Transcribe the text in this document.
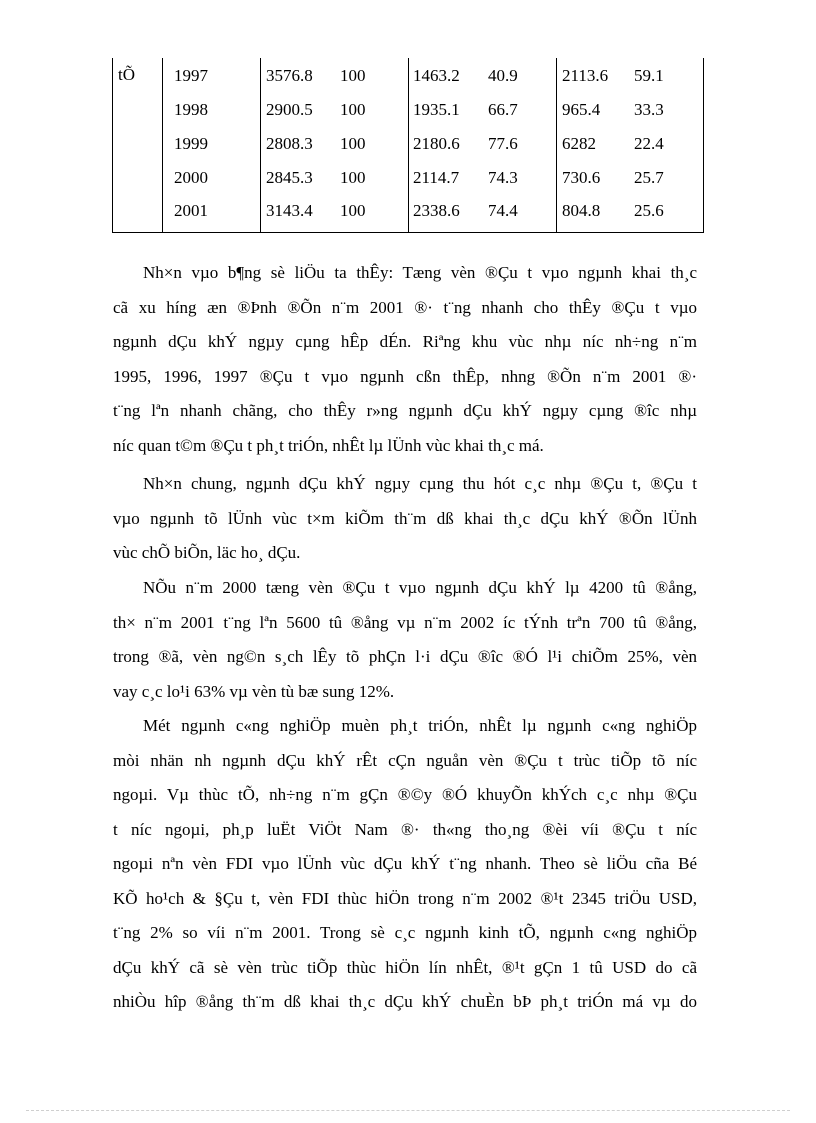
tÕ 1997	3576.8 100	1463.2 40.9	2113.6 59.1
1998	2900.5 100	1935.1 66.7	965.4 33.3
1999	2808.3 100	2180.6 77.6	6282 22.4
2000	2845.3 100	2114.7 74.3	730.6 25.7
2001	3143.4 100	2338.6 74.4	804.8 25.6
Nh×n vµo b¶ng sè liÖu ta thÊy: Tæng vèn ®Çu t vµo ngµnh khai th¸c
cã xu híng æn ®Þnh ®Õn n¨m 2001 ®· t¨ng nhanh cho thÊy ®Çu t vµo
ngµnh dÇu khÝ ngµy cµng hÊp dÉn. Riªng khu vùc nhµ níc nh÷ng n¨m
1995, 1996, 1997 ®Çu t vµo ngµnh cßn thÊp, nhng ®Õn n¨m 2001 ®·
t¨ng lªn nhanh chãng, cho thÊy r»ng ngµnh dÇu khÝ ngµy cµng ®îc nhµ
níc quan t©m ®Çu t ph¸t triÓn, nhÊt lµ lÜnh vùc khai th¸c má.
Nh×n chung, ngµnh dÇu khÝ ngµy cµng thu hót c¸c nhµ ®Çu t, ®Çu t
vµo ngµnh tõ lÜnh vùc t×m kiÕm th¨m dß khai th¸c dÇu khÝ ®Õn lÜnh
vùc chÕ biÕn, läc ho¸ dÇu.
NÕu n¨m 2000 tæng vèn ®Çu t vµo ngµnh dÇu khÝ lµ 4200 tû ®ång,
th× n¨m 2001 t¨ng lªn 5600 tû ®ång vµ n¨m 2002 íc tÝnh trªn 700 tû ®ång,
trong ®ã, vèn ng©n s¸ch lÊy tõ phÇn l·i dÇu ®îc ®Ó l¹i chiÕm 25%, vèn
vay c¸c lo¹i 63% vµ vèn tù bæ sung 12%.
Mét ngµnh c«ng nghiÖp muèn ph¸t triÓn, nhÊt lµ ngµnh c«ng nghiÖp
mòi nhän nh ngµnh dÇu khÝ rÊt cÇn nguån vèn ®Çu t trùc tiÕp tõ níc
ngoµi. Vµ thùc tÕ, nh÷ng n¨m gÇn ®©y ®Ó khuyÕn khÝch c¸c nhµ ®Çu
t níc ngoµi, ph¸p luËt ViÖt Nam ®· th«ng tho¸ng ®èi víi ®Çu t níc
ngoµi nªn vèn FDI vµo lÜnh vùc dÇu khÝ t¨ng nhanh. Theo sè liÖu cña Bé
KÕ ho¹ch & §Çu t, vèn FDI thùc hiÖn trong n¨m 2002 ®¹t 2345 triÖu USD,
t¨ng 2% so víi n¨m 2001. Trong sè c¸c ngµnh kinh tÕ, ngµnh c«ng nghiÖp
dÇu khÝ cã sè vèn trùc tiÕp thùc hiÖn lín nhÊt, ®¹t gÇn 1 tû USD do cã
nhiÒu hîp ®ång th¨m dß khai th¸c dÇu khÝ chuÈn bÞ ph¸t triÓn má vµ do
